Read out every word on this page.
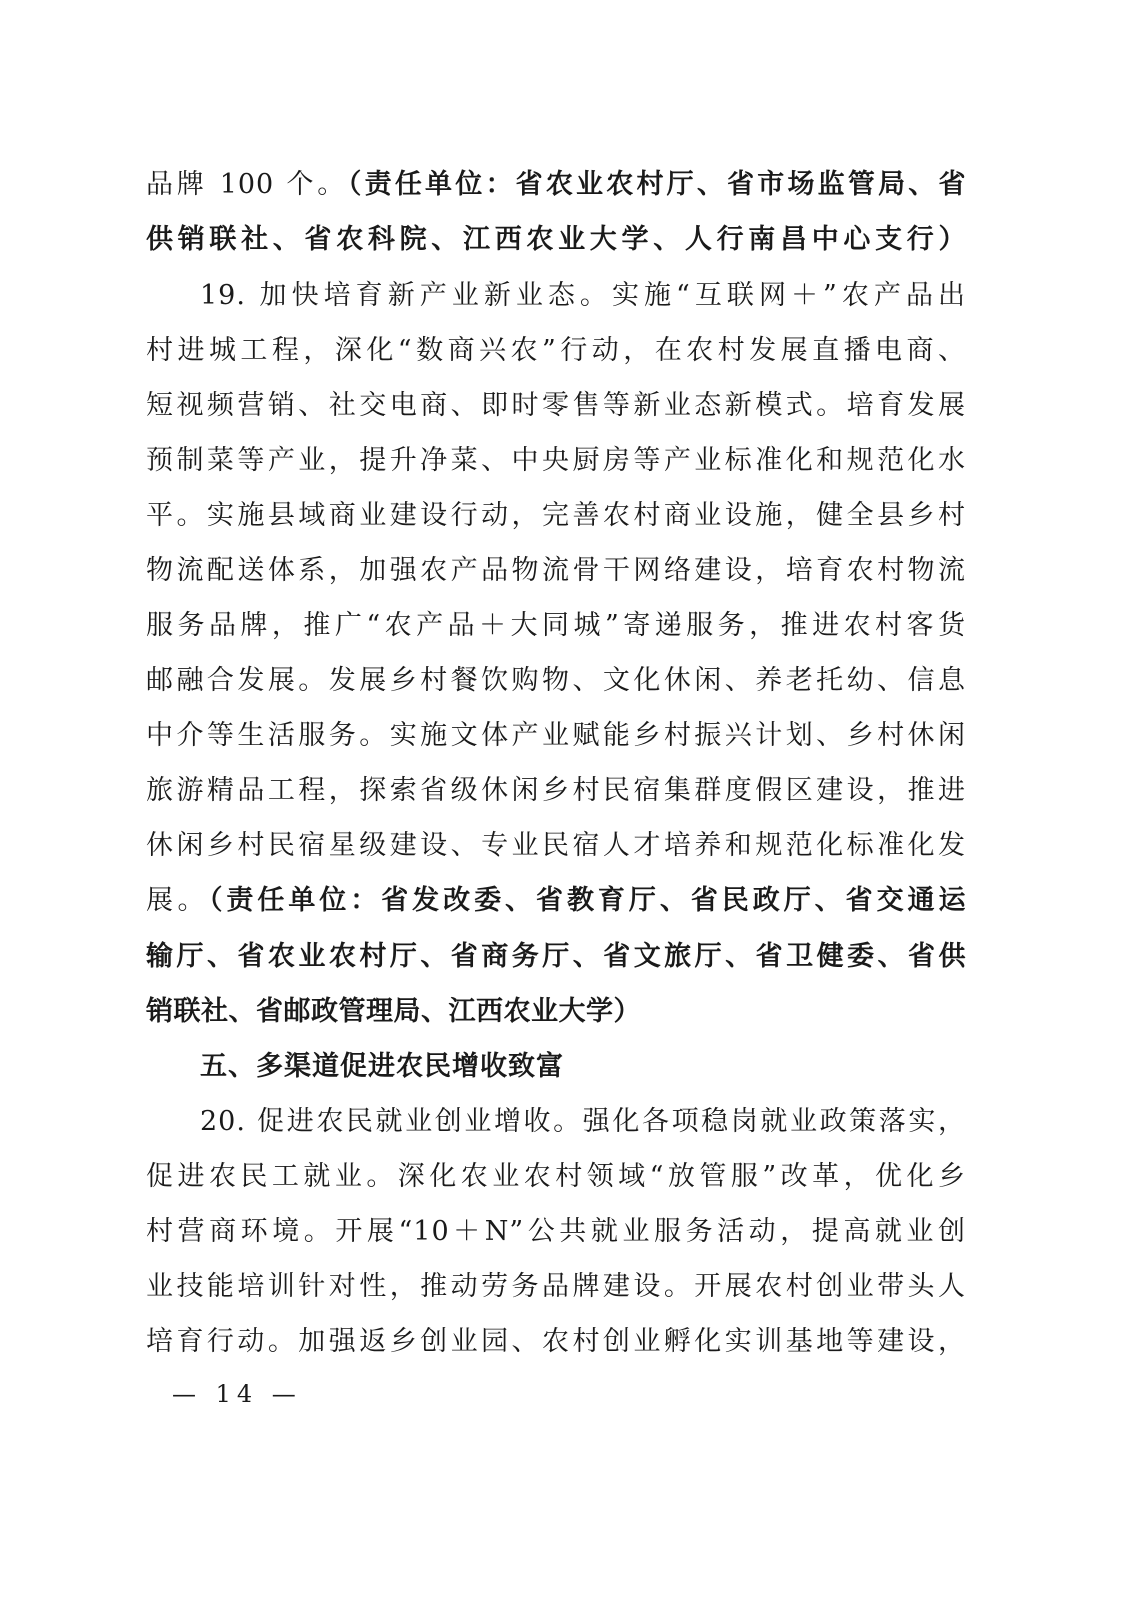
品牌 100 个。（责任单位：省农业农村厅、省市场监管局、省
供销联社、省农科院、江西农业大学、人行南昌中心支行）
19. 加快培育新产业新业态。实施“互联网＋”农产品出
村进城工程，深化“数商兴农”行动，在农村发展直播电商、
短视频营销、社交电商、即时零售等新业态新模式。培育发展
预制菜等产业，提升净菜、中央厨房等产业标准化和规范化水
平。实施县域商业建设行动，完善农村商业设施，健全县乡村
物流配送体系，加强农产品物流骨干网络建设，培育农村物流
服务品牌，推广“农产品＋大同城”寄递服务，推进农村客货
邮融合发展。发展乡村餐饮购物、文化休闲、养老托幼、信息
中介等生活服务。实施文体产业赋能乡村振兴计划、乡村休闲
旅游精品工程，探索省级休闲乡村民宿集群度假区建设，推进
休闲乡村民宿星级建设、专业民宿人才培养和规范化标准化发
展。（责任单位：省发改委、省教育厅、省民政厅、省交通运
输厅、省农业农村厅、省商务厅、省文旅厅、省卫健委、省供
销联社、省邮政管理局、江西农业大学）
五、多渠道促进农民增收致富
20. 促进农民就业创业增收。强化各项稳岗就业政策落实，
促进农民工就业。深化农业农村领域“放管服”改革，优化乡
村营商环境。开展“10＋N”公共就业服务活动，提高就业创
业技能培训针对性，推动劳务品牌建设。开展农村创业带头人
培育行动。加强返乡创业园、农村创业孵化实训基地等建设，
— 14 —
